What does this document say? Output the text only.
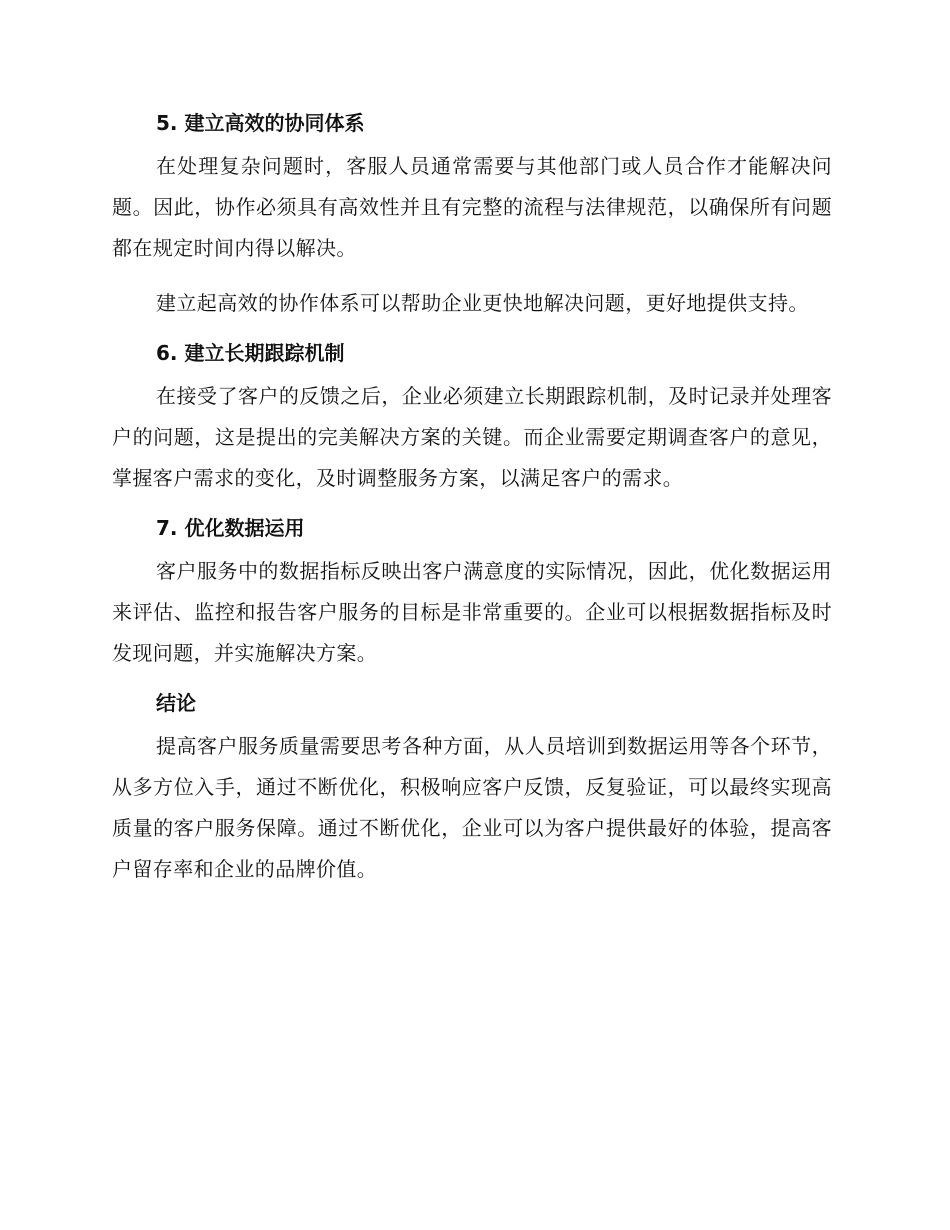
5. 建立高效的协同体系

在处理复杂问题时，客服人员通常需要与其他部门或人员合作才能解决问题。因此，协作必须具有高效性并且有完整的流程与法律规范，以确保所有问题都在规定时间内得以解决。

建立起高效的协作体系可以帮助企业更快地解决问题，更好地提供支持。

6. 建立长期跟踪机制

在接受了客户的反馈之后，企业必须建立长期跟踪机制，及时记录并处理客户的问题，这是提出的完美解决方案的关键。而企业需要定期调查客户的意见，掌握客户需求的变化，及时调整服务方案，以满足客户的需求。

7. 优化数据运用

客户服务中的数据指标反映出客户满意度的实际情况，因此，优化数据运用来评估、监控和报告客户服务的目标是非常重要的。企业可以根据数据指标及时发现问题，并实施解决方案。

结论

提高客户服务质量需要思考各种方面，从人员培训到数据运用等各个环节，从多方位入手，通过不断优化，积极响应客户反馈，反复验证，可以最终实现高质量的客户服务保障。通过不断优化，企业可以为客户提供最好的体验，提高客户留存率和企业的品牌价值。
